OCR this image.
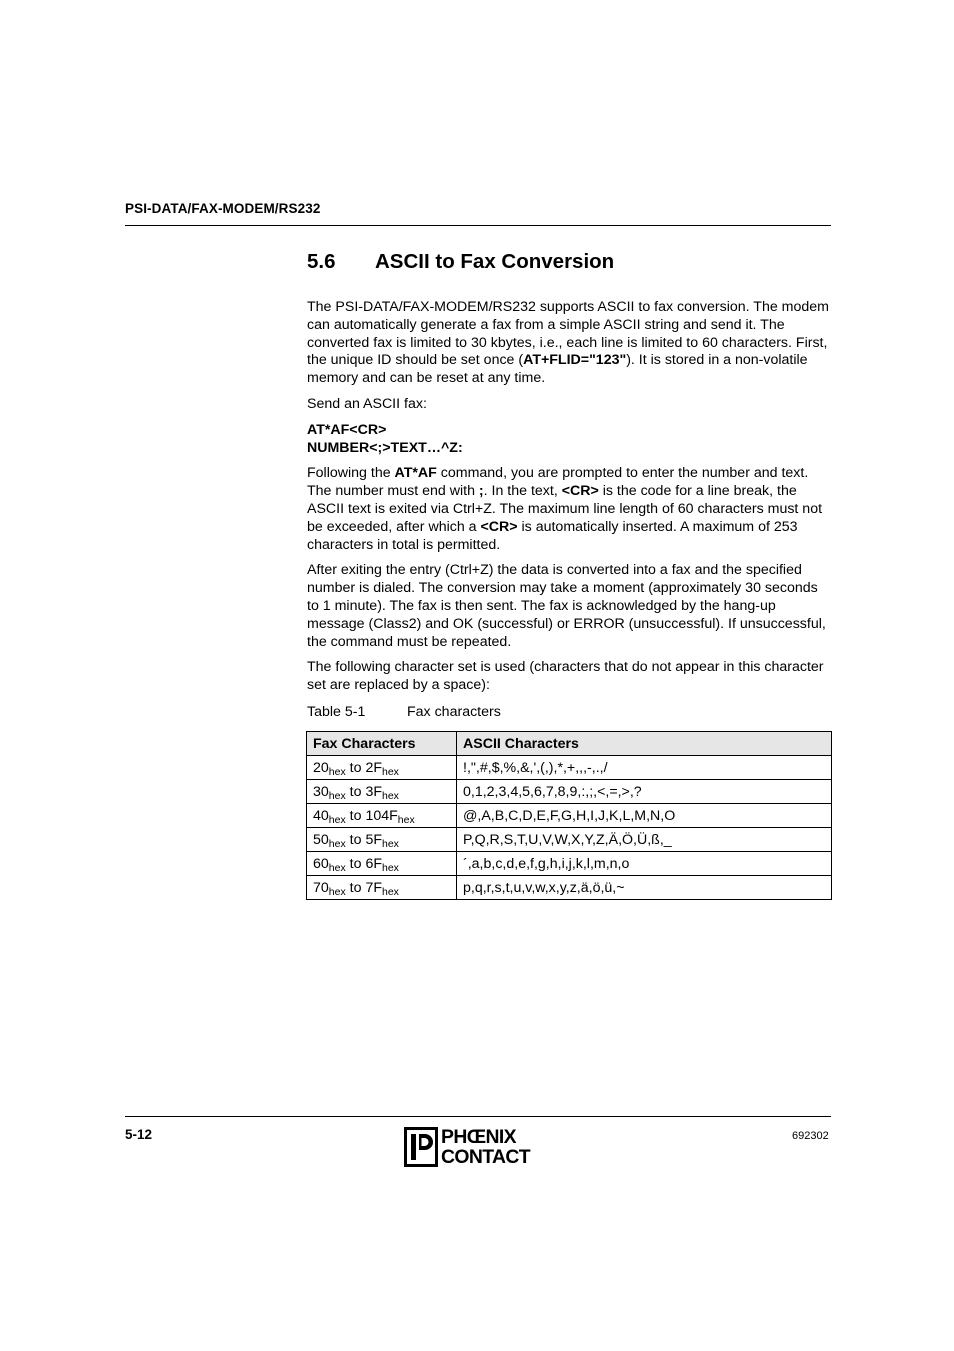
PSI-DATA/FAX-MODEM/RS232
5.6 ASCII to Fax Conversion

The PSI-DATA/FAX-MODEM/RS232 supports ASCII to fax conversion. The modem can automatically generate a fax from a simple ASCII string and send it. The converted fax is limited to 30 kbytes, i.e., each line is limited to 60 characters. First, the unique ID should be set once (AT+FLID="123"). It is stored in a non-volatile memory and can be reset at any time.

Send an ASCII fax:

AT*AF<CR>
NUMBER<;>TEXT…^Z:

Following the AT*AF command, you are prompted to enter the number and text. The number must end with ;. In the text, <CR> is the code for a line break, the ASCII text is exited via Ctrl+Z. The maximum line length of 60 characters must not be exceeded, after which a <CR> is automatically inserted. A maximum of 253 characters in total is permitted.

After exiting the entry (Ctrl+Z) the data is converted into a fax and the specified number is dialed. The conversion may take a moment (approximately 30 seconds to 1 minute). The fax is then sent. The fax is acknowledged by the hang-up message (Class2) and OK (successful) or ERROR (unsuccessful). If unsuccessful, the command must be repeated.

The following character set is used (characters that do not appear in this character set are replaced by a space):

Table 5-1	Fax characters
Fax Characters	ASCII Characters
$20_{hex}$ to $2F_{hex}$	!,",#,$,%,&,',(,),*,+,,,-,.,/
$30_{hex}$ to $3F_{hex}$	0,1,2,3,4,5,6,7,8,9,:,;,<,=,>,?
$40_{hex}$ to $104F_{hex}$	@,A,B,C,D,E,F,G,H,I,J,K,L,M,N,O
$50_{hex}$ to $5F_{hex}$	P,Q,R,S,T,U,V,W,X,Y,Z,Ä,Ö,Ü,ß,_
$60_{hex}$ to $6F_{hex}$	´,a,b,c,d,e,f,g,h,i,j,k,l,m,n,o
$70_{hex}$ to $7F_{hex}$	p,q,r,s,t,u,v,w,x,y,z,ä,ö,ü,~
5-12	PHŒNIX
CONTACT
692302
